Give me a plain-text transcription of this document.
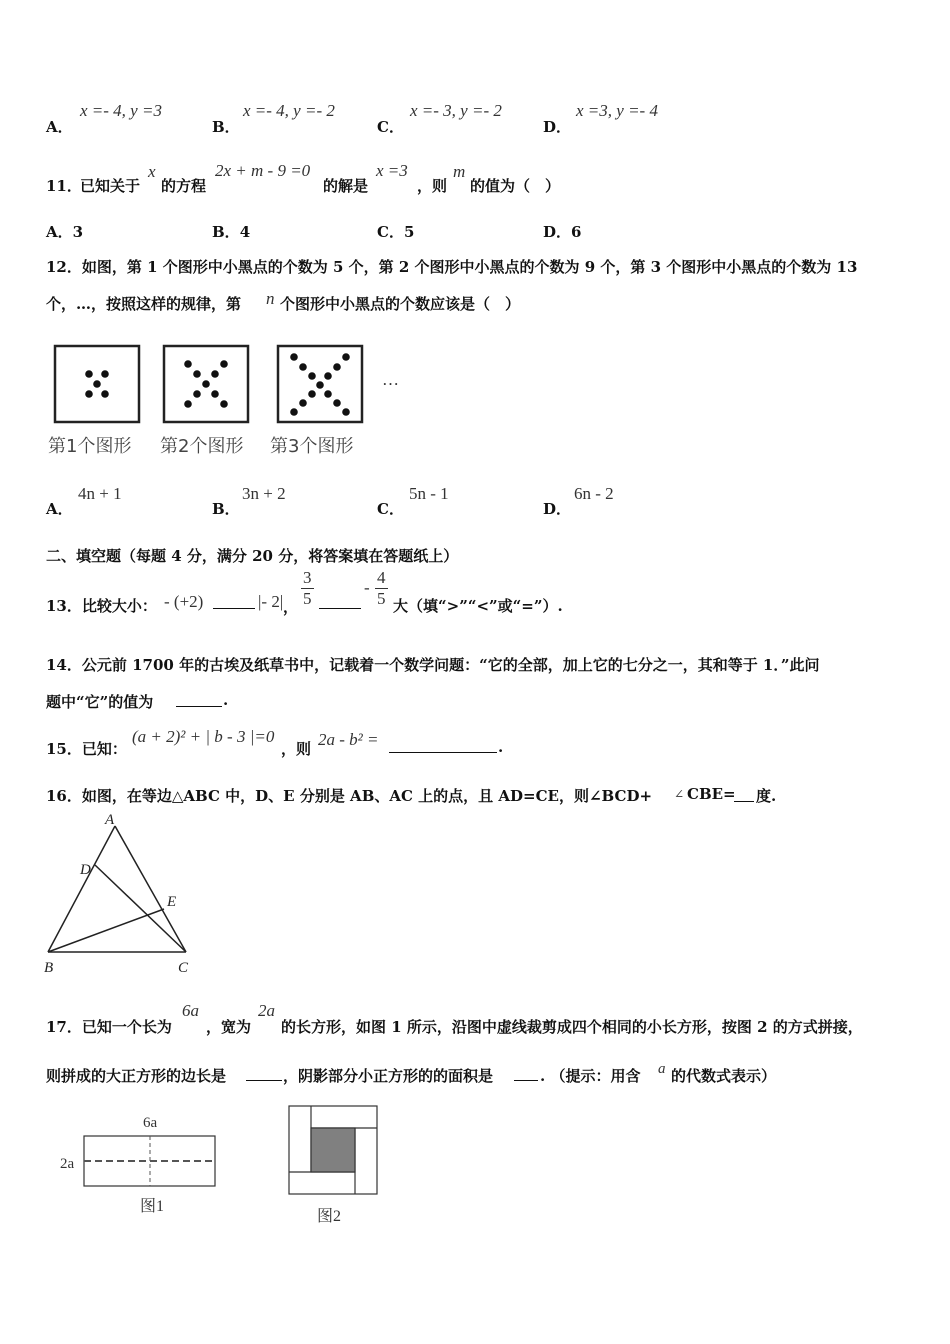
A．
x =- 4, y =3
B．
x =- 4, y =- 2
C．
x =- 3, y =- 2
D．
x =3, y =- 4
11．
已知关于
x
的方程
2x + m - 9 =0
的解是
x =3
，则
m
的值为（　）
A．3	B．4	C．5	D．6
12．如图，第 1 个图形中小黑点的个数为 5 个，第 2 个图形中小黑点的个数为 9 个，第 3 个图形中小黑点的个数为 13
个，…，按照这样的规律，第 n 个图形中小黑点的个数应该是（　）
…
第1个图形 第2个图形 第3个图形
A．
4n + 1
B．
3n + 2
C．
5n - 1
D．
6n - 2
二、填空题（每题 4 分，满分 20 分，将答案填在答题纸上）
13．比较大小： - (+2)	|- 2| ， $\frac{3}{5}$	- $\frac{4}{5}$ 大（填“>”“<”或“=”）.
14．公元前 1700 年的古埃及纸草书中，记载着一个数学问题：“它的全部，加上它的七分之一，其和等于 1．”此问
题中“它”的值为	.
15．已知：
(a + 2)² + | b - 3 |=0
，则 2a - b² =	.
16．如图，在等边△ABC 中，D、E 分别是 AB、AC 上的点，且 AD=CE，则∠BCD+ ∠ CBE= 度.
A
B	C
D
E
17．已知一个长为
6a
，宽为
2a
的长方形，如图 1 所示，沿图中虚线裁剪成四个相同的小长方形，按图 2 的方式拼接，
则拼成的大正方形的边长是	，阴影部分小正方形的的面积是	. （提示：用含 a 的代数式表示）
6a
2a
图1
图2
